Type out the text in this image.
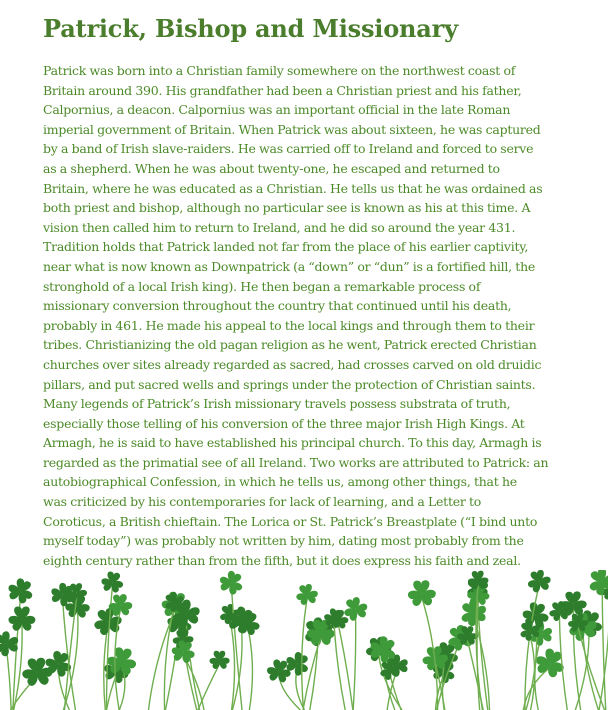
Patrick, Bishop and Missionary
Patrick was born into a Christian family somewhere on the northwest coast of
Britain around 390. His grandfather had been a Christian priest and his father,
Calpornius, a deacon. Calpornius was an important official in the late Roman
imperial government of Britain. When Patrick was about sixteen, he was captured
by a band of Irish slave-raiders. He was carried off to Ireland and forced to serve
as a shepherd. When he was about twenty-one, he escaped and returned to
Britain, where he was educated as a Christian. He tells us that he was ordained as
both priest and bishop, although no particular see is known as his at this time. A
vision then called him to return to Ireland, and he did so around the year 431.
Tradition holds that Patrick landed not far from the place of his earlier captivity,
near what is now known as Downpatrick (a “down” or “dun” is a fortified hill, the
stronghold of a local Irish king). He then began a remarkable process of
missionary conversion throughout the country that continued until his death,
probably in 461. He made his appeal to the local kings and through them to their
tribes. Christianizing the old pagan religion as he went, Patrick erected Christian
churches over sites already regarded as sacred, had crosses carved on old druidic
pillars, and put sacred wells and springs under the protection of Christian saints.
Many legends of Patrick’s Irish missionary travels possess substrata of truth,
especially those telling of his conversion of the three major Irish High Kings. At
Armagh, he is said to have established his principal church. To this day, Armagh is
regarded as the primatial see of all Ireland. Two works are attributed to Patrick: an
autobiographical Confession, in which he tells us, among other things, that he
was criticized by his contemporaries for lack of learning, and a Letter to
Coroticus, a British chieftain. The Lorica or St. Patrick’s Breastplate (“I bind unto
myself today”) was probably not written by him, dating most probably from the
eighth century rather than from the fifth, but it does express his faith and zeal.
